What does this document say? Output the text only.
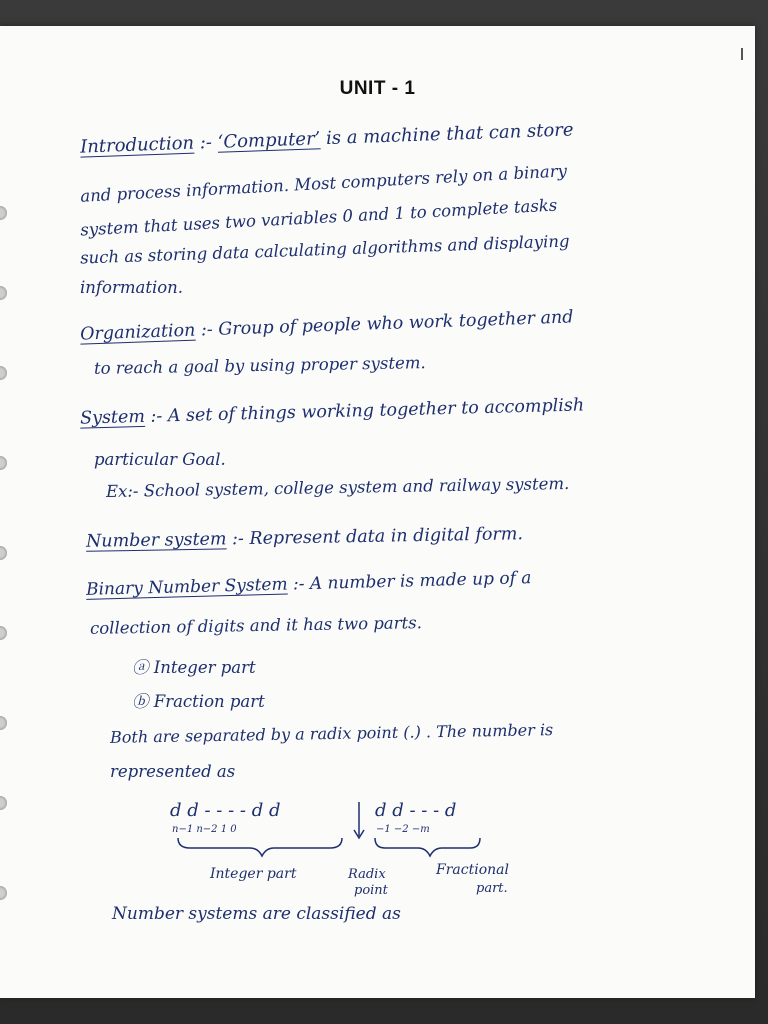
UNIT - 1
Introduction :- ‘Computer’ is a machine that can store
and process information. Most computers rely on a binary
system that uses two variables 0 and 1 to complete tasks
such as storing data calculating algorithms and displaying
information.
Organization :- Group of people who work together and
to reach a goal by using proper system.
System :- A set of things working together to accomplish
particular Goal.
Ex:- School system, college system and railway system.
Number system :- Represent data in digital form.
Binary Number System :- A number is made up of a
collection of digits and it has two parts.
ⓐ Integer part
ⓑ Fraction part
Both are separated by a radix point (.) . The number is
represented as
d d - - - - d d
n−1 n−2 1 0
d d - - - d
−1 −2 −m
Integer part	Radix
point
Fractional
part.
Number systems are classified as
